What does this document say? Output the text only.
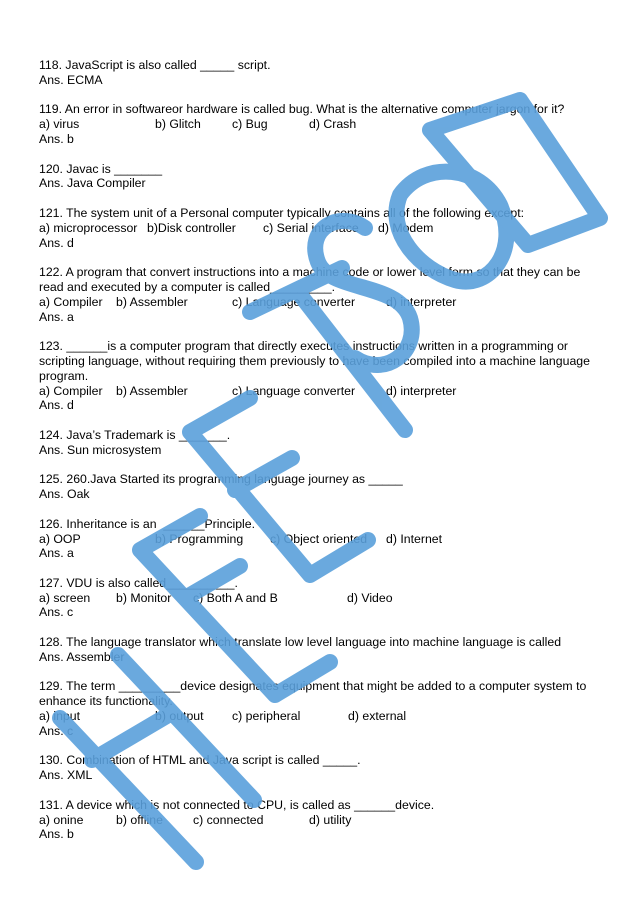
118. JavaScript is also called _____ script.
Ans. ECMA
119. An error in softwareor hardware is called bug. What is the alternative computer jargon for it?
a) virus	b) Glitch	c) Bug	d) Crash
Ans. b
120. Javac is _______
Ans. Java Compiler
121. The system unit of a Personal computer typically contains all of the following except:
a) microprocessor b)Disk controller	c) Serial interface	d) Modem
Ans. d
122. A program that convert instructions into a machine code or lower level form so that they can be read and executed by a computer is called_________.
a) Compiler	b) Assembler	c) Language converter	d) interpreter
Ans. a
123. ______is a computer program that directly executes instructions written in a programming or scripting language, without requiring them previously to have been compiled into a machine language program.
a) Compiler	b) Assembler	c) Language converter	d) interpreter
Ans. d
124. Java’s Trademark is _______.
Ans. Sun microsystem
125. 260.Java Started its programming language journey as _____
Ans. Oak
126. Inheritance is an  ______Principle.
a) OOP	b) Programming	c) Object oriented	d) Internet
Ans. a
127. VDU is also called__________.
a) screen	b) Monitor	c) Both A and B	d) Video
Ans. c
128. The language translator which translate low level language into machine language is called
Ans. Assembler
129. The term _________device designates equipment that might be added to a computer system to enhance its functionality.
a) input	b) output	c) peripheral	d) external
Ans. c
130. Combination of HTML and Java script is called _____.
Ans. XML
131. A device which is not connected to CPU, is called as ______device.
a) onine	b) offline	c) connected	d) utility
Ans. b
